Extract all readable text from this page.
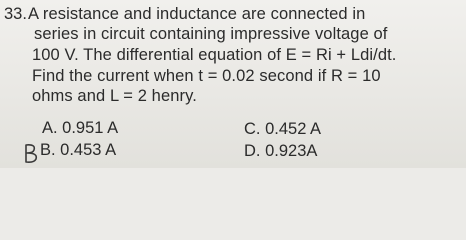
33. A resistance and inductance are connected in
series in circuit containing impressive voltage of
100 V. The differential equation of E = Ri + Ldi/dt.
Find the current when t = 0.02 second if R = 10
ohms and L = 2 henry.
A. 0.951 A
B. 0.453 A
C. 0.452 A
D. 0.923A
